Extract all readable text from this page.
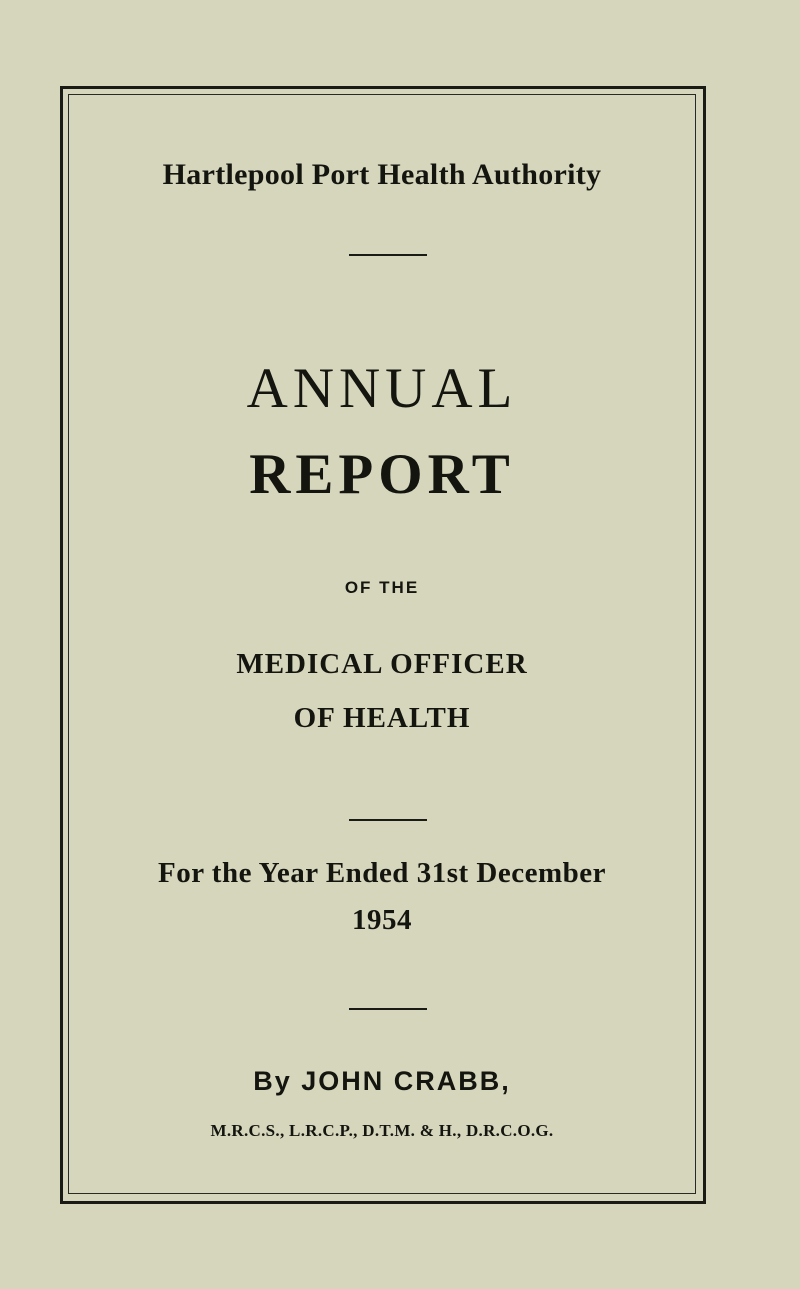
Hartlepool Port Health Authority
ANNUAL
REPORT
OF THE
MEDICAL OFFICER
OF HEALTH
For the Year Ended 31st December
1954
By JOHN CRABB,
M.R.C.S., L.R.C.P., D.T.M. & H., D.R.C.O.G.
